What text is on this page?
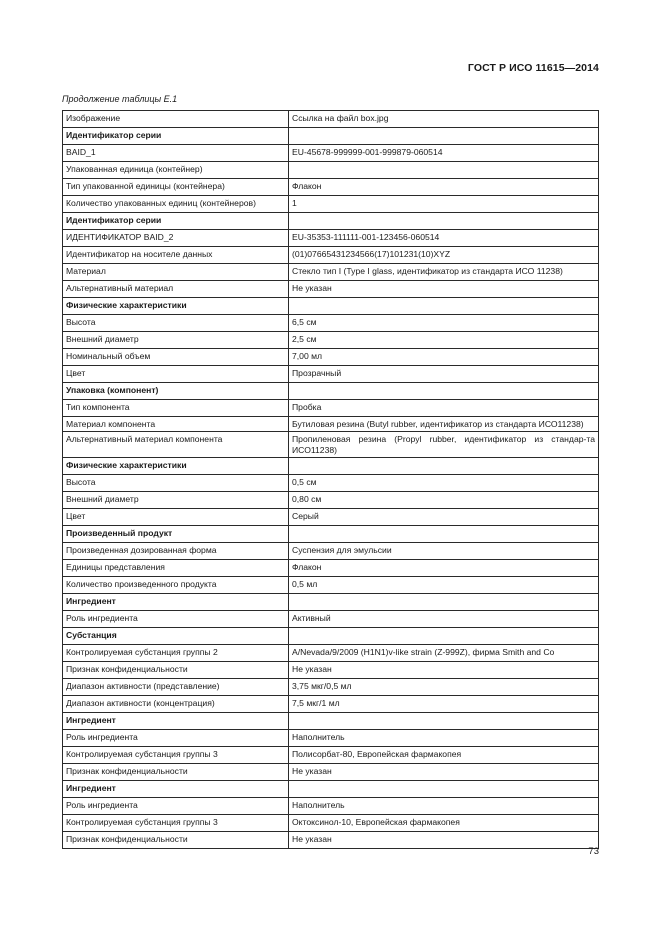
ГОСТ Р ИСО 11615—2014
Продолжение таблицы Е.1
Изображение	Ссылка на файл box.jpg
Идентификатор серии	
BAID_1	EU-45678-999999-001-999879-060514
Упакованная единица (контейнер)	
Тип упакованной единицы (контейнера)	Флакон
Количество упакованных единиц (контейнеров)	1
Идентификатор серии	
ИДЕНТИФИКАТОР BAID_2	EU-35353-111111-001-123456-060514
Идентификатор на носителе данных	(01)07665431234566(17)101231(10)XYZ
Материал	Стекло тип I (Type I glass, идентификатор из стандарта ИСО 11238)
Альтернативный материал	Не указан
Физические характеристики	
Высота	6,5 см
Внешний диаметр	2,5 см
Номинальный объем	7,00 мл
Цвет	Прозрачный
Упаковка (компонент)	
Тип компонента	Пробка
Материал компонента	Бутиловая резина (Butyl rubber, идентификатор из стандарта ИСО11238)
Альтернативный материал компонента	Пропиленовая резина (Propyl rubber, идентификатор из стандар-та ИСО11238)
Физические характеристики	
Высота	0,5 см
Внешний диаметр	0,80 см
Цвет	Серый
Произведенный продукт	
Произведенная дозированная форма	Суспензия для эмульсии
Единицы представления	Флакон
Количество произведенного продукта	0,5 мл
Ингредиент	
Роль ингредиента	Активный
Субстанция	
Контролируемая субстанция группы 2	A/Nevada/9/2009 (H1N1)v-like strain (Z-999Z), фирма Smith and Co
Признак конфиденциальности	Не указан
Диапазон активности (представление)	3,75 мкг/0,5 мл
Диапазон активности (концентрация)	7,5 мкг/1 мл
Ингредиент	
Роль ингредиента	Наполнитель
Контролируемая субстанция группы 3	Полисорбат-80, Европейская фармакопея
Признак конфиденциальности	Не указан
Ингредиент	
Роль ингредиента	Наполнитель
Контролируемая субстанция группы 3	Октоксинол-10, Европейская фармакопея
Признак конфиденциальности	Не указан
73
